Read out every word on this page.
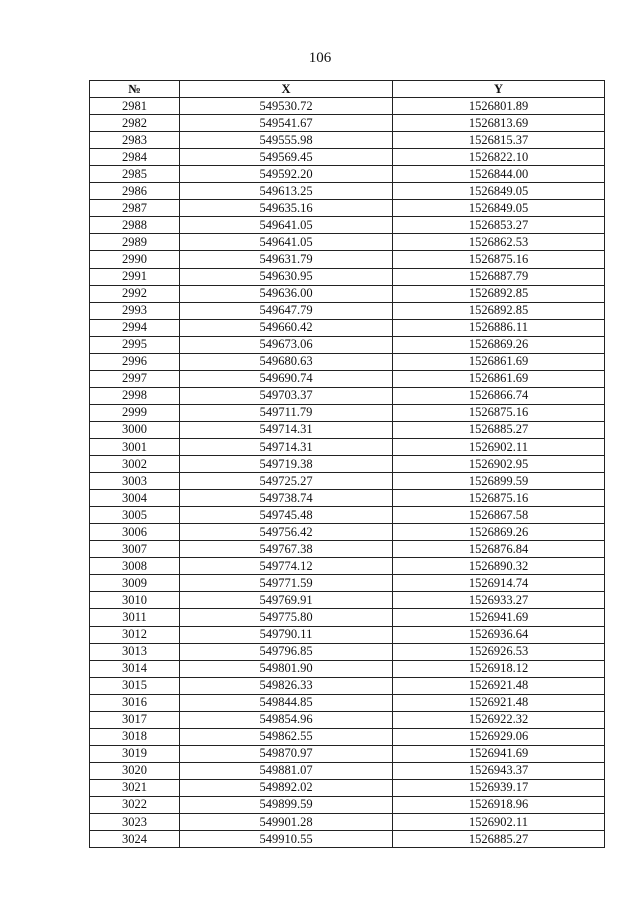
106
№	X	Y
2981	549530.72	1526801.89
2982	549541.67	1526813.69
2983	549555.98	1526815.37
2984	549569.45	1526822.10
2985	549592.20	1526844.00
2986	549613.25	1526849.05
2987	549635.16	1526849.05
2988	549641.05	1526853.27
2989	549641.05	1526862.53
2990	549631.79	1526875.16
2991	549630.95	1526887.79
2992	549636.00	1526892.85
2993	549647.79	1526892.85
2994	549660.42	1526886.11
2995	549673.06	1526869.26
2996	549680.63	1526861.69
2997	549690.74	1526861.69
2998	549703.37	1526866.74
2999	549711.79	1526875.16
3000	549714.31	1526885.27
3001	549714.31	1526902.11
3002	549719.38	1526902.95
3003	549725.27	1526899.59
3004	549738.74	1526875.16
3005	549745.48	1526867.58
3006	549756.42	1526869.26
3007	549767.38	1526876.84
3008	549774.12	1526890.32
3009	549771.59	1526914.74
3010	549769.91	1526933.27
3011	549775.80	1526941.69
3012	549790.11	1526936.64
3013	549796.85	1526926.53
3014	549801.90	1526918.12
3015	549826.33	1526921.48
3016	549844.85	1526921.48
3017	549854.96	1526922.32
3018	549862.55	1526929.06
3019	549870.97	1526941.69
3020	549881.07	1526943.37
3021	549892.02	1526939.17
3022	549899.59	1526918.96
3023	549901.28	1526902.11
3024	549910.55	1526885.27
